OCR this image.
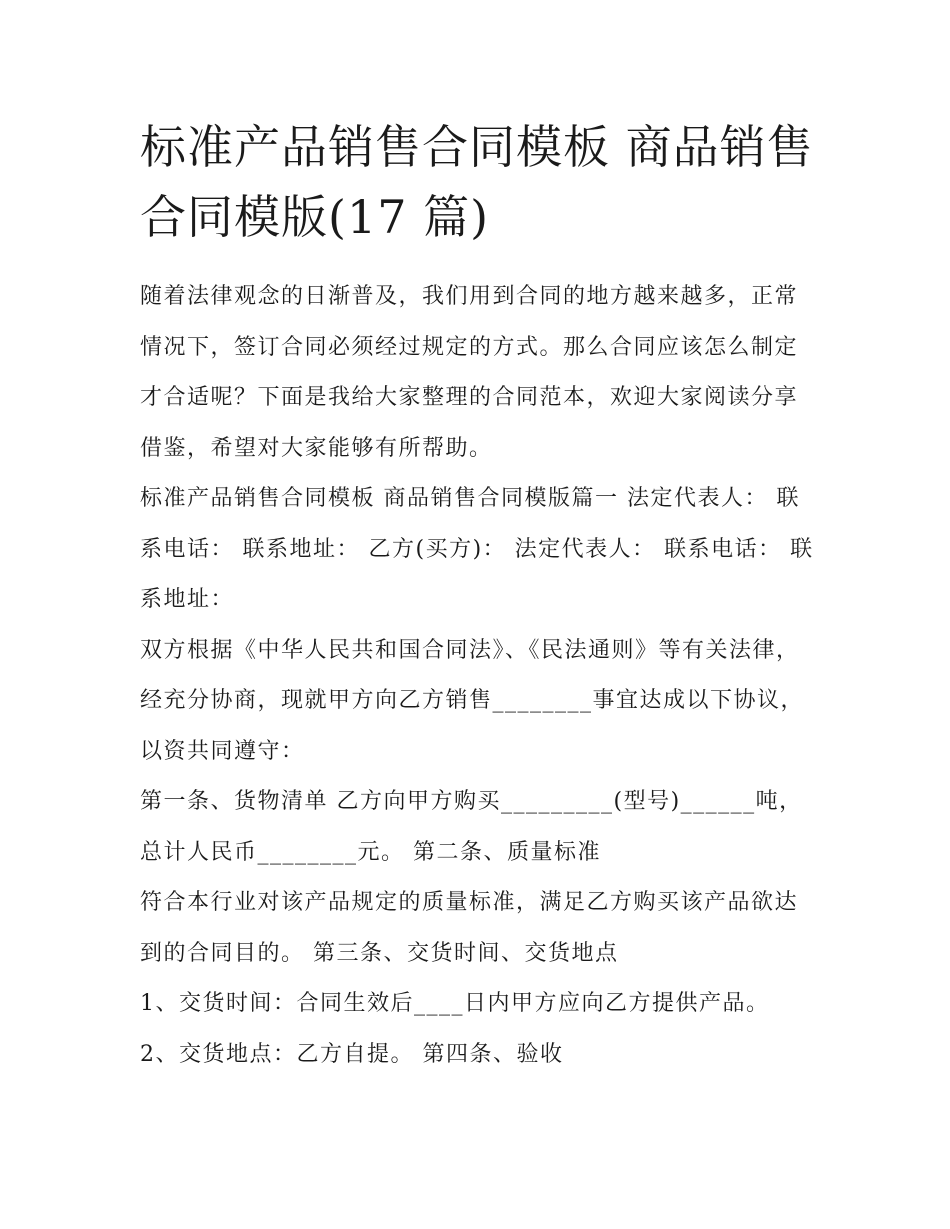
标准产品销售合同模板 商品销售合同模版(17 篇)

随着法律观念的日渐普及，我们用到合同的地方越来越多，正常情况下，签订合同必须经过规定的方式。那么合同应该怎么制定才合适呢？下面是我给大家整理的合同范本，欢迎大家阅读分享借鉴，希望对大家能够有所帮助。

标准产品销售合同模板 商品销售合同模版篇一 法定代表人： 联系电话： 联系地址： 乙方(买方)： 法定代表人： 联系电话： 联系地址：

双方根据《中华人民共和国合同法》、《民法通则》等有关法律，经充分协商，现就甲方向乙方销售________事宜达成以下协议，以资共同遵守：

第一条、货物清单 乙方向甲方购买_________(型号)______吨，总计人民币________元。 第二条、质量标准

符合本行业对该产品规定的质量标准，满足乙方购买该产品欲达到的合同目的。 第三条、交货时间、交货地点

1、交货时间：合同生效后____日内甲方应向乙方提供产品。

2、交货地点：乙方自提。 第四条、验收
